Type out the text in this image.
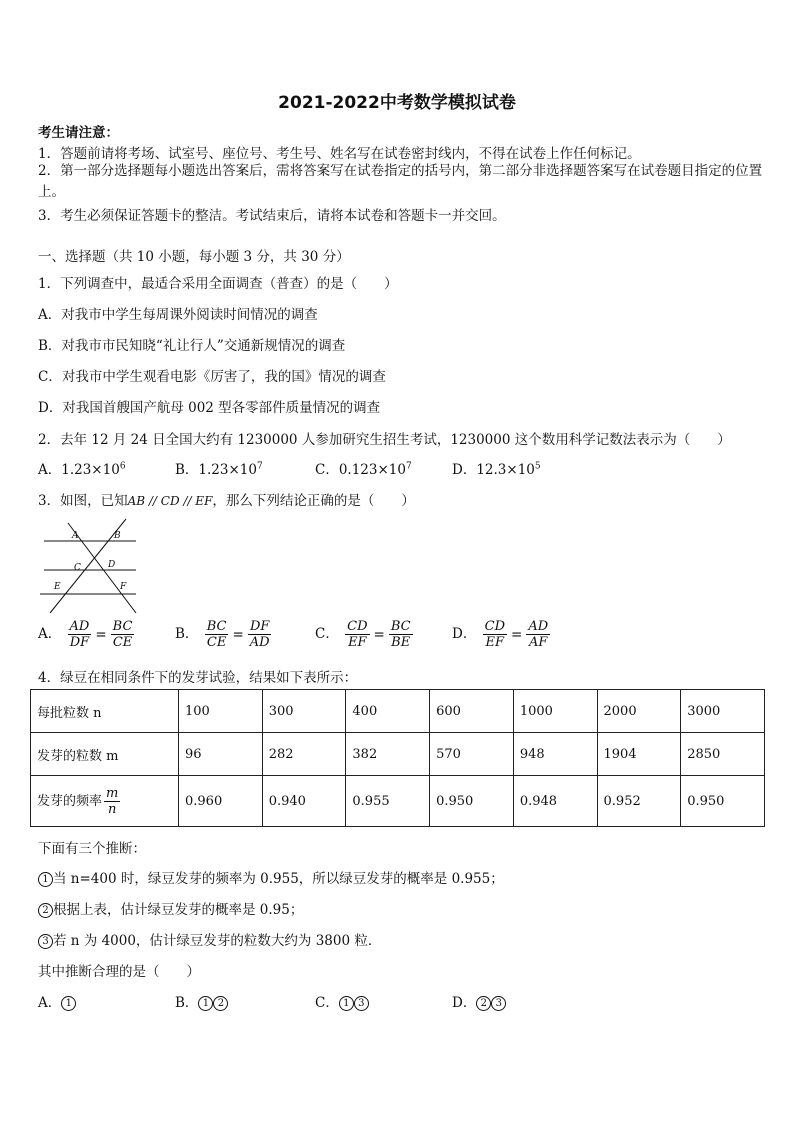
2021-2022中考数学模拟试卷
考生请注意：
1．答题前请将考场、试室号、座位号、考生号、姓名写在试卷密封线内，不得在试卷上作任何标记。
2．第一部分选择题每小题选出答案后，需将答案写在试卷指定的括号内，第二部分非选择题答案写在试卷题目指定的位置上。
3．考生必须保证答题卡的整洁。考试结束后，请将本试卷和答题卡一并交回。
一、选择题（共 10 小题，每小题 3 分，共 30 分）
1．下列调查中，最适合采用全面调查（普查）的是（　　）
A．对我市中学生每周课外阅读时间情况的调查
B．对我市市民知晓“礼让行人”交通新规情况的调查
C．对我市中学生观看电影《厉害了，我的国》情况的调查
D．对我国首艘国产航母 002 型各零部件质量情况的调查
2．去年 12 月 24 日全国大约有 1230000 人参加研究生招生考试，1230000 这个数用科学记数法表示为（　　）
A．$1.23\times 10^6$	B．$1.23\times 10^7$	C．$0.123\times 10^7$	D．$12.3\times 10^5$
3．如图，已知AB // CD // EF，那么下列结论正确的是（　　）
A	B
C	D
E	F
A． $\frac{AD}{DF} = \frac{BC}{CE}$	B． $\frac{BC}{CE} = \frac{DF}{AD}$	C． $\frac{CD}{EF} = \frac{BC}{BE}$	D． $\frac{CD}{EF} = \frac{AD}{AF}$
4．绿豆在相同条件下的发芽试验，结果如下表所示：
每批粒数 n	100	300	400	600	1000	2000	3000
发芽的粒数 m	96	282	382	570	948	1904	2850
发芽的频率 $\frac{m}{n}$	0.960	0.940	0.955	0.950	0.948	0.952	0.950
下面有三个推断：
1 当 n=400 时，绿豆发芽的频率为 0.955，所以绿豆发芽的概率是 0.955；
2 根据上表，估计绿豆发芽的概率是 0.95；
3 若 n 为 4000，估计绿豆发芽的粒数大约为 3800 粒．
其中推断合理的是（　　）
A． 1	B． 1 2	C． 1 3	D． 2 3
